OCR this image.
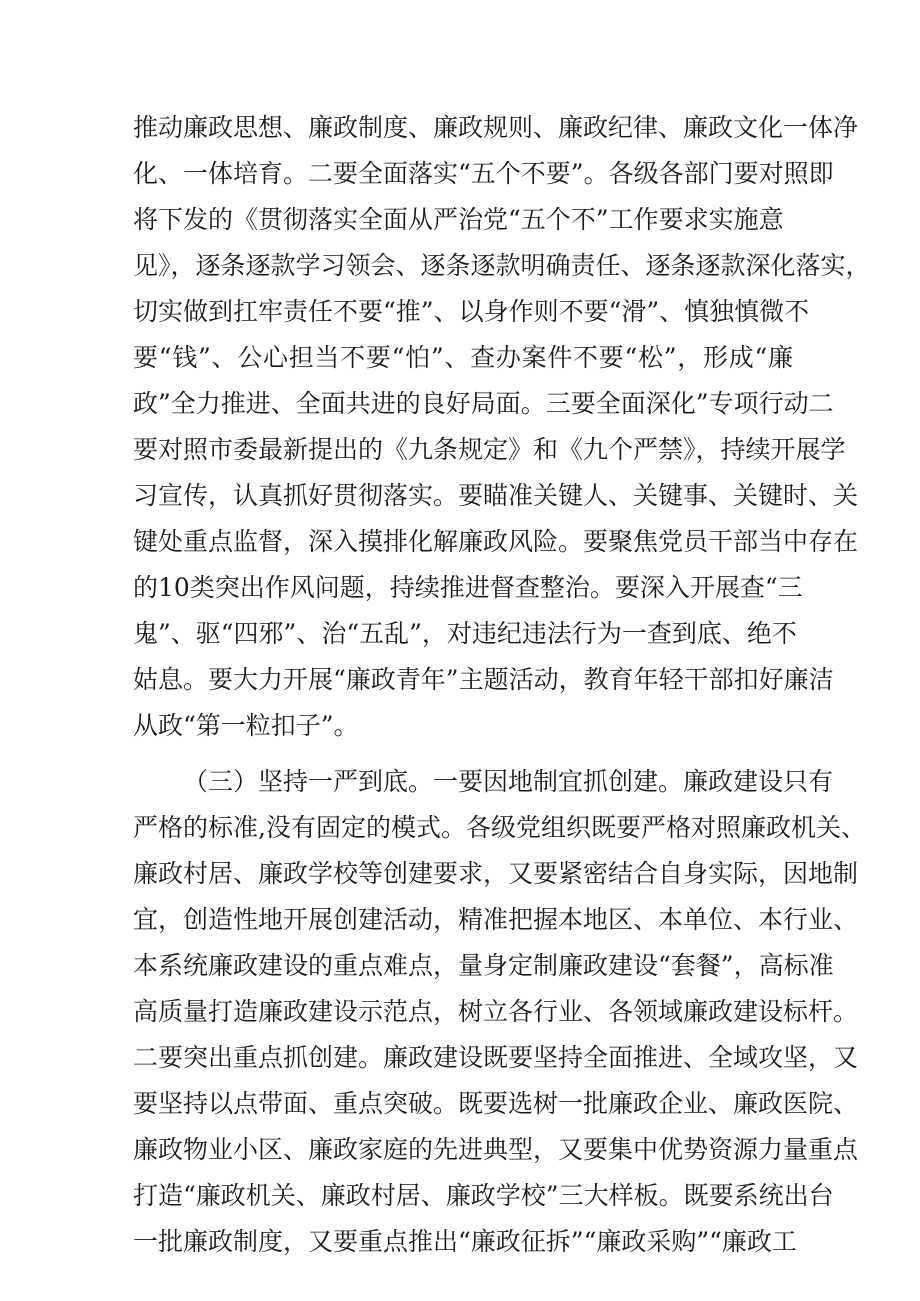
推动廉政思想、廉政制度、廉政规则、廉政纪律、廉政文化一体净
化、一体培育。二要全面落实“五个不要”。各级各部门要对照即
将下发的《贯彻落实全面从严治党“五个不”工作要求实施意
见》，逐条逐款学习领会、逐条逐款明确责任、逐条逐款深化落实，
切实做到扛牢责任不要“推”、以身作则不要“滑”、慎独慎微不
要“钱”、公心担当不要“怕”、查办案件不要“松”，形成“廉
政”全力推进、全面共进的良好局面。三要全面深化”专项行动二
要对照市委最新提出的《九条规定》和《九个严禁》，持续开展学
习宣传，认真抓好贯彻落实。要瞄准关键人、关键事、关键时、关
键处重点监督，深入摸排化解廉政风险。要聚焦党员干部当中存在
的10类突出作风问题，持续推进督查整治。要深入开展查“三
鬼”、驱“四邪”、治“五乱”，对违纪违法行为一查到底、绝不
姑息。要大力开展“廉政青年”主题活动，教育年轻干部扣好廉洁
从政“第一粒扣子”。
（三）坚持一严到底。一要因地制宜抓创建。廉政建设只有
严格的标准,没有固定的模式。各级党组织既要严格对照廉政机关、
廉政村居、廉政学校等创建要求，又要紧密结合自身实际，因地制
宜，创造性地开展创建活动，精准把握本地区、本单位、本行业、
本系统廉政建设的重点难点，量身定制廉政建设“套餐”，高标准
高质量打造廉政建设示范点，树立各行业、各领域廉政建设标杆。
二要突出重点抓创建。廉政建设既要坚持全面推进、全域攻坚，又
要坚持以点带面、重点突破。既要选树一批廉政企业、廉政医院、
廉政物业小区、廉政家庭的先进典型，又要集中优势资源力量重点
打造“廉政机关、廉政村居、廉政学校”三大样板。既要系统出台
一批廉政制度，又要重点推出“廉政征拆”“廉政采购”“廉政工
